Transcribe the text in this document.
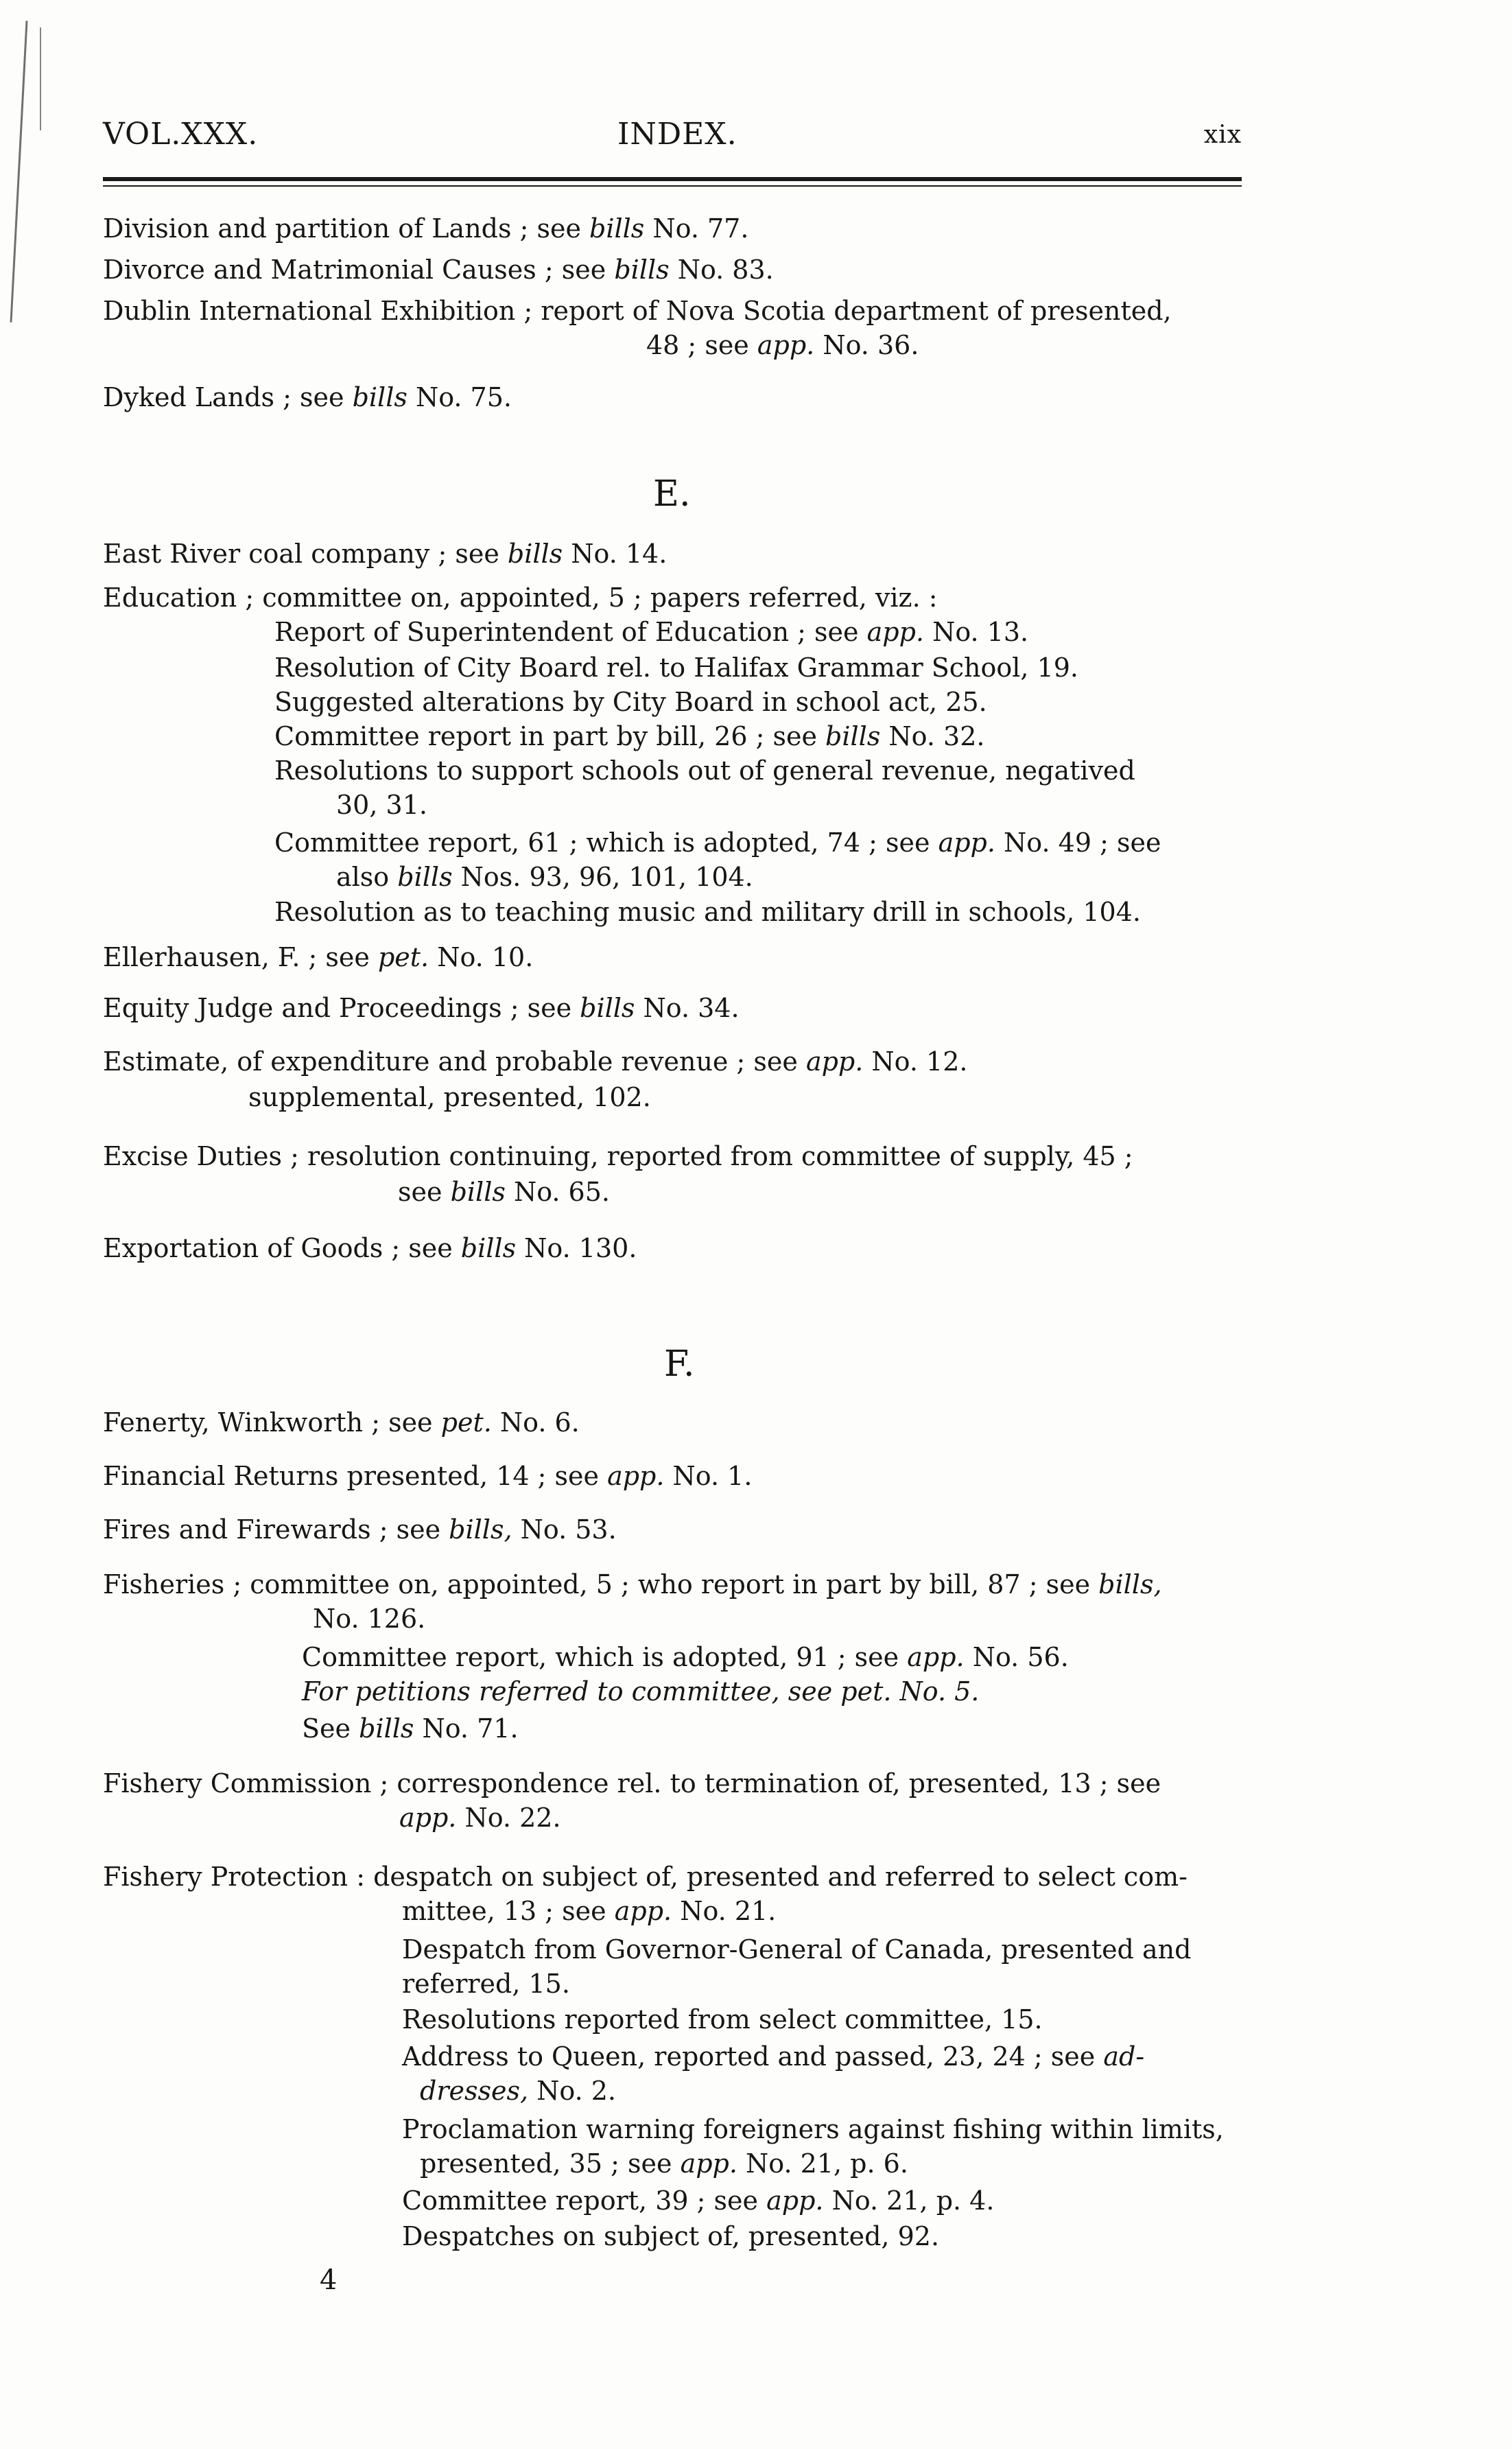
VOL.XXX.	INDEX.	xix
E.
F.
Division and partition of Lands ; see bills No. 77.
Divorce and Matrimonial Causes ; see bills No. 83.
Dublin International Exhibition ; report of Nova Scotia department of presented,
48 ; see app. No. 36.
Dyked Lands ; see bills No. 75.
East River coal company ; see bills No. 14.
Education ; committee on, appointed, 5 ; papers referred, viz. :
Report of Superintendent of Education ; see app. No. 13.
Resolution of City Board rel. to Halifax Grammar School, 19.
Suggested alterations by City Board in school act, 25.
Committee report in part by bill, 26 ; see bills No. 32.
Resolutions to support schools out of general revenue, negatived
30, 31.
Committee report, 61 ; which is adopted, 74 ; see app. No. 49 ; see
also bills Nos. 93, 96, 101, 104.
Resolution as to teaching music and military drill in schools, 104.
Ellerhausen, F. ; see pet. No. 10.
Equity Judge and Proceedings ; see bills No. 34.
Estimate, of expenditure and probable revenue ; see app. No. 12.
supplemental, presented, 102.
Excise Duties ; resolution continuing, reported from committee of supply, 45 ;
see bills No. 65.
Exportation of Goods ; see bills No. 130.
Fenerty, Winkworth ; see pet. No. 6.
Financial Returns presented, 14 ; see app. No. 1.
Fires and Firewards ; see bills, No. 53.
Fisheries ; committee on, appointed, 5 ; who report in part by bill, 87 ; see bills,
No. 126.
Committee report, which is adopted, 91 ; see app. No. 56.
For petitions referred to committee, see pet. No. 5.
See bills No. 71.
Fishery Commission ; correspondence rel. to termination of, presented, 13 ; see
app. No. 22.
Fishery Protection : despatch on subject of, presented and referred to select com-
mittee, 13 ; see app. No. 21.
Despatch from Governor-General of Canada, presented and
referred, 15.
Resolutions reported from select committee, 15.
Address to Queen, reported and passed, 23, 24 ; see ad-
dresses, No. 2.
Proclamation warning foreigners against fishing within limits,
presented, 35 ; see app. No. 21, p. 6.
Committee report, 39 ; see app. No. 21, p. 4.
Despatches on subject of, presented, 92.
4
